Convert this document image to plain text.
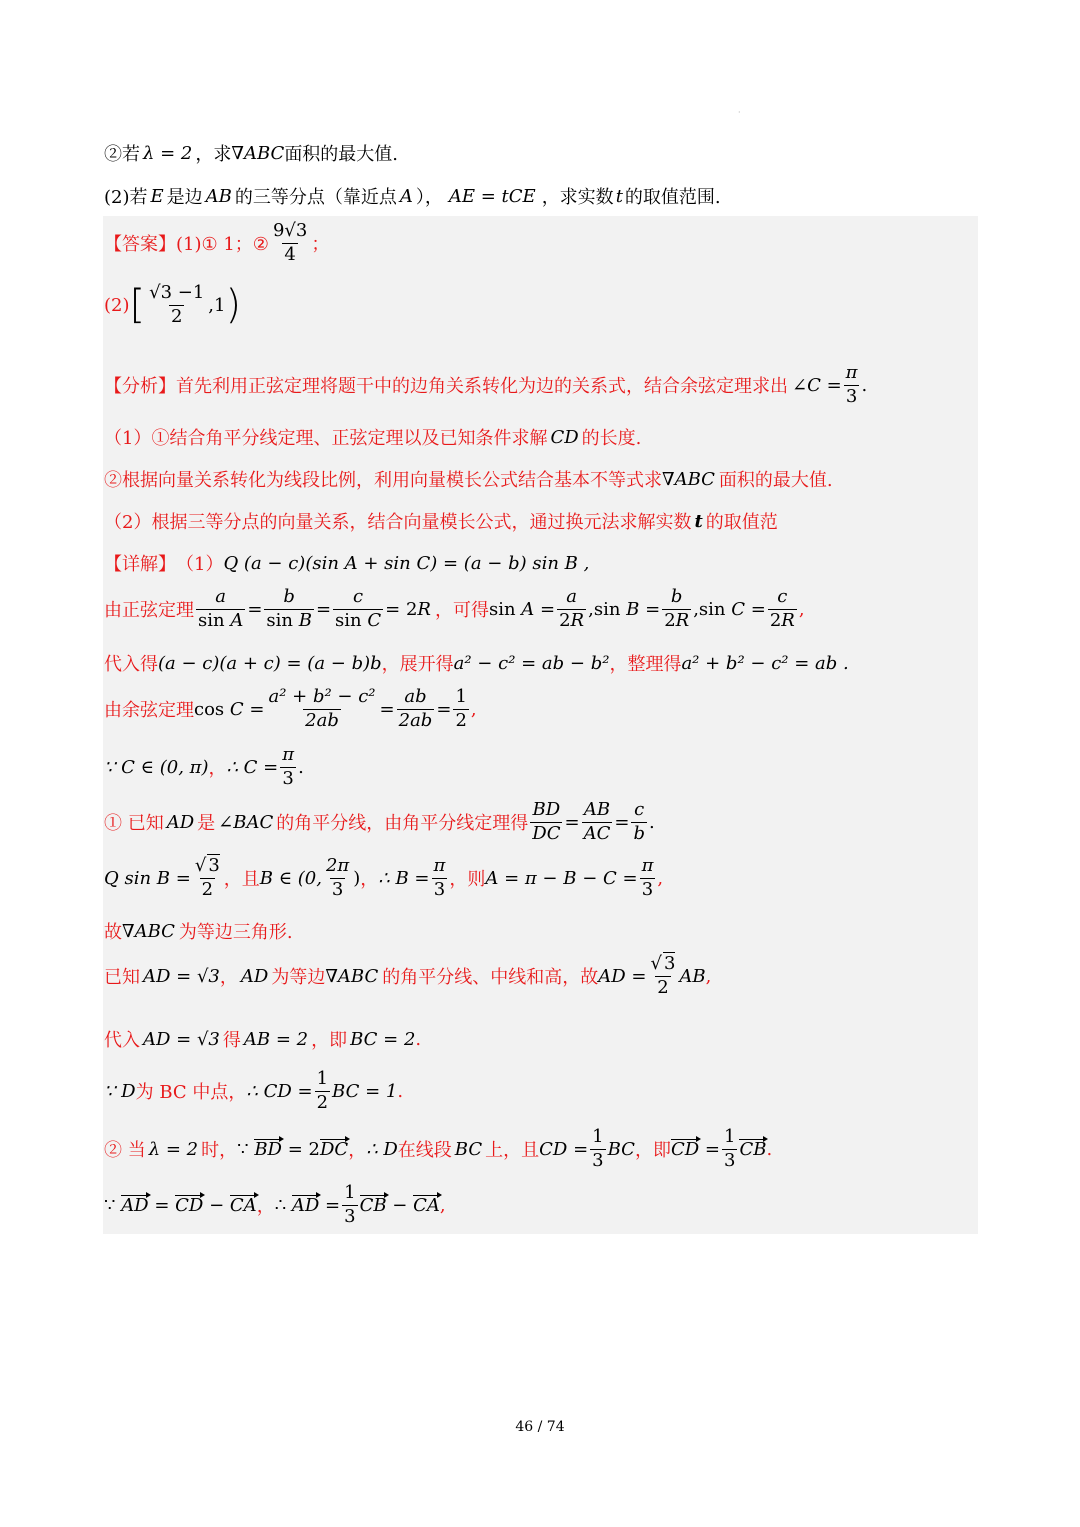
·
②若 λ = 2 ，求 ∇ ABC 面积的最大值.
(2)若 E 是边 AB 的三等分点（靠近点 A ）， AE = tCE ，求实数 t 的取值范围.
【答案】 (1)① 1；② $\frac{9√3}{4}$ ；
(2) [ $\frac{√3 -1}{2} ,1$ )
【分析】 首先利用正弦定理将题干中的边角关系转化为边的关系式，结合余弦定理求出 ∠C = $\frac{\pi}{3}$ .
（1）①结合角平分线定理、正弦定理以及已知条件求解 CD 的长度.
②根据向量关系转化为线段比例，利用向量模长公式结合基本不等式求 ∇ ABC 面积的最大值.
（2）根据三等分点的向量关系，结合向量模长公式，通过换元法求解实数 t 的取值范
【详解】 （1） Q (a − c)(sin A + sin C) = (a − b) sin B ,
由正弦定理 $\frac{a}{\text{sin A}} = \frac{b}{\text{sin B}} = \frac{c}{\text{sin C}} = 2R$ ，可得 $\sin A = \frac{a}{2R} ,\sin$ $B = \frac{b}{2R} ,\sin$ $C = \frac{c}{2R}$ ,
代入得 (a − c)(a + c) = (a − b)b ，展开得 a² − c² = ab − b² ，整理得 a² + b² − c² = ab .
由余弦定理 $\cos C = \frac{\text{a² + b² − c²}}{2ab} = \frac{ab}{2ab} = \frac{1}{2}$ ,
∵ C ∈ (0, π) ， ∴ $C = \frac{\pi}{3}$ .
① 已知 AD 是 ∠BAC 的角平分线，由角平分线定理得 $\frac{BD}{DC} = \frac{AB}{AC} = \frac{c}{b}$ .
Q $\sin B = \frac{√ 3}{2}$ ，且 B ∈ (0, $\frac{2\pi}{3}$ ) ， ∴ $B = \frac{\pi}{3}$ ，则 $A = \pi - B - C = \frac{\pi}{3}$ ,
故 ∇ ABC 为等边三角形.
已知 AD = √3 ， AD 为等边 ∇ ABC 的角平分线、中线和高，故 AD = $\frac{√ 3}{2}$ AB ,
代入 AD = √3 得 AB = 2 ，即 BC = 2 .
∵ D 为 BC 中点， ∴ CD = $\frac{1}{2}$ BC = 1 .
② 当 λ = 2 时， ∵ BD = 2DC ， ∴ D 在线段 BC 上，且 CD = $\frac{1}{3}$ BC ，即 CD = $\frac{1}{3}$ CB .
∵ AD = CD − CA ， ∴ AD = $\frac{1}{3}$ CB − CA ,
46 / 74
